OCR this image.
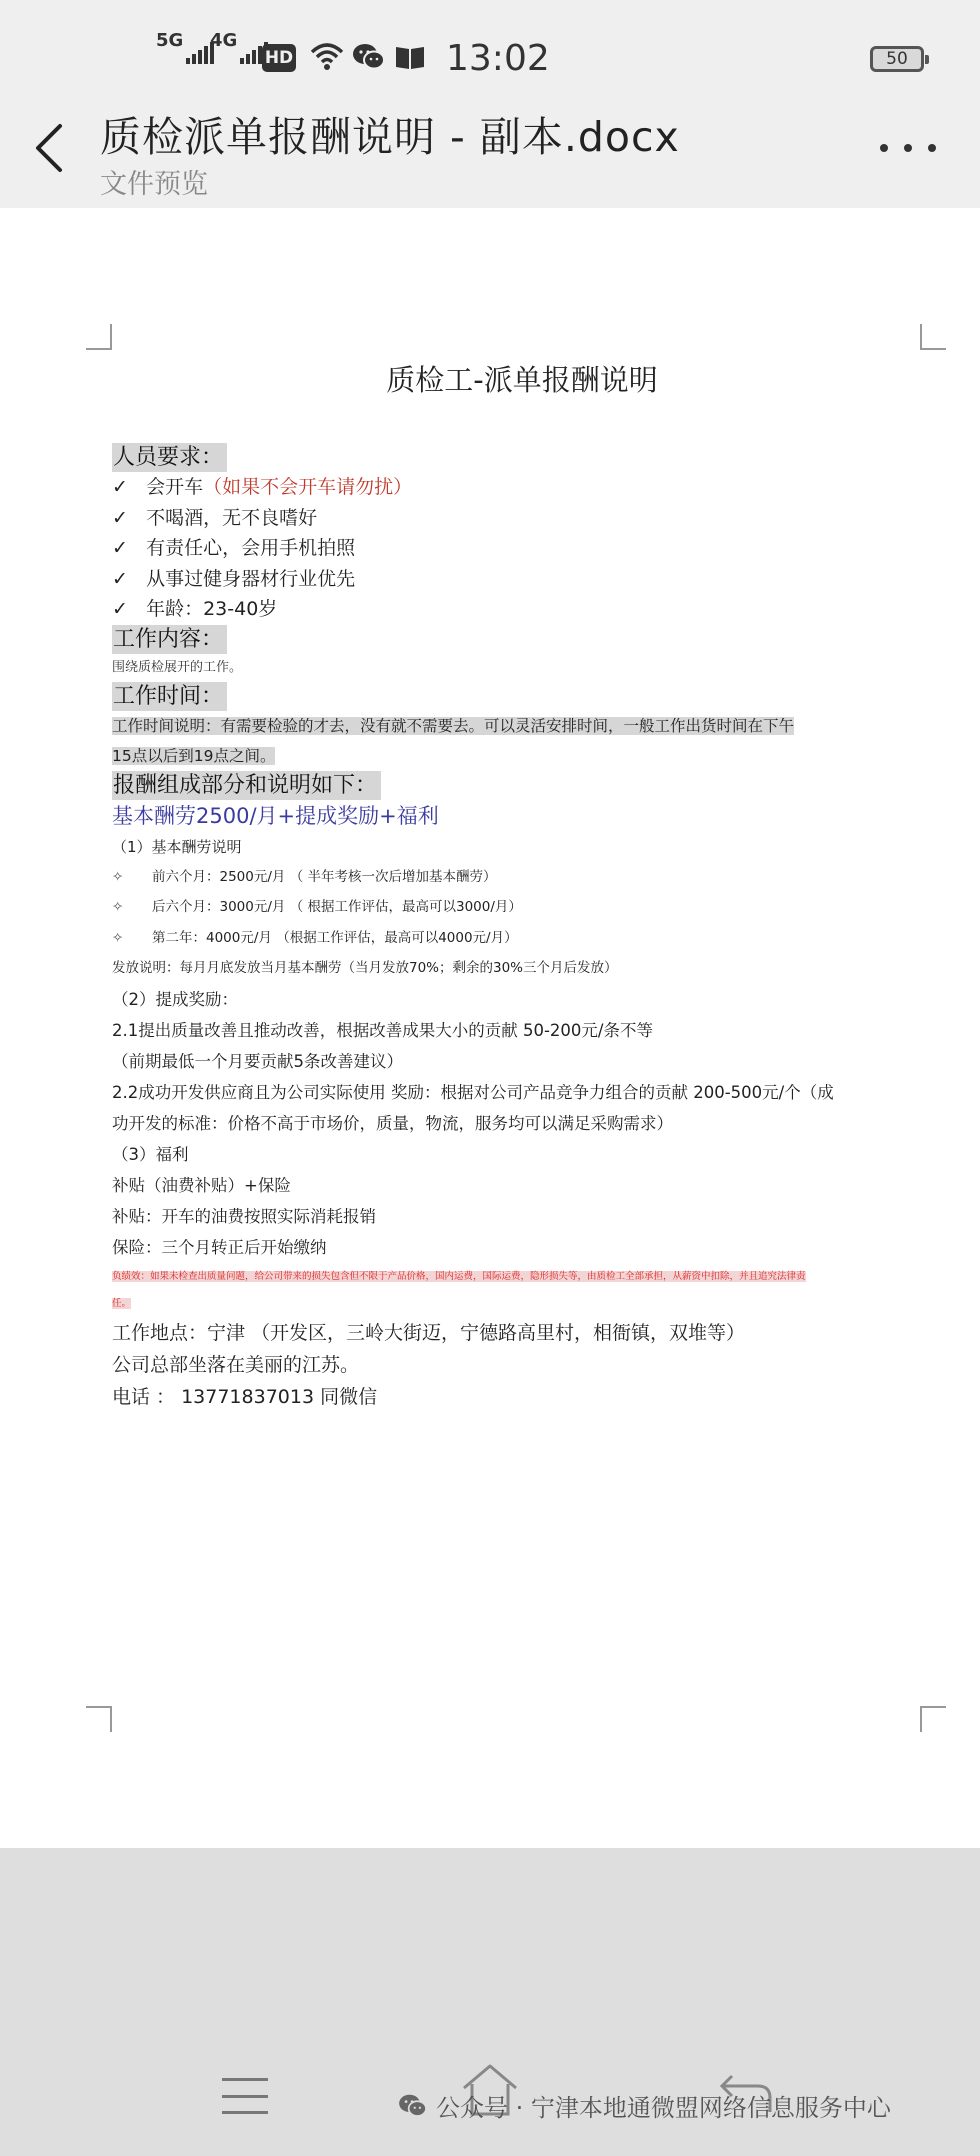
5G 4G
HD	13:02	50
质检派单报酬说明 - 副本.docx
文件预览
质检工-派单报酬说明
人员要求：
✓ 会开车（如果不会开车请勿扰）
✓ 不喝酒，无不良嗜好
✓ 有责任心，会用手机拍照
✓ 从事过健身器材行业优先
✓ 年龄：23-40岁
工作内容：
围绕质检展开的工作。
工作时间：
工作时间说明：有需要检验的才去，没有就不需要去。可以灵活安排时间，一般工作出货时间在下午
15点以后到19点之间。
报酬组成部分和说明如下：
基本酬劳2500/月+提成奖励+福利
（1）基本酬劳说明
✧ 前六个月：2500元/月 （ 半年考核一次后增加基本酬劳）
✧ 后六个月：3000元/月 （ 根据工作评估，最高可以3000/月）
✧ 第二年：4000元/月 （根据工作评估，最高可以4000元/月）
发放说明：每月月底发放当月基本酬劳（当月发放70%；剩余的30%三个月后发放）
（2）提成奖励：
2.1提出质量改善且推动改善，根据改善成果大小的贡献 50-200元/条不等
（前期最低一个月要贡献5条改善建议）
2.2成功开发供应商且为公司实际使用 奖励：根据对公司产品竞争力组合的贡献 200-500元/个（成
功开发的标准：价格不高于市场价，质量，物流，服务均可以满足采购需求）
（3）福利
补贴（油费补贴）+保险
补贴：开车的油费按照实际消耗报销
保险：三个月转正后开始缴纳
负绩效：如果未检查出质量问题，给公司带来的损失包含但不限于产品价格，国内运费，国际运费，隐形损失等，由质检工全部承担，从薪资中扣除，并且追究法律责
任。
工作地点：宁津 （开发区，三岭大街迈，宁德路高里村，相衙镇，双堆等）
公司总部坐落在美丽的江苏。
电话 ： 13771837013 同微信
公众号 · 宁津本地通微盟网络信息服务中心
